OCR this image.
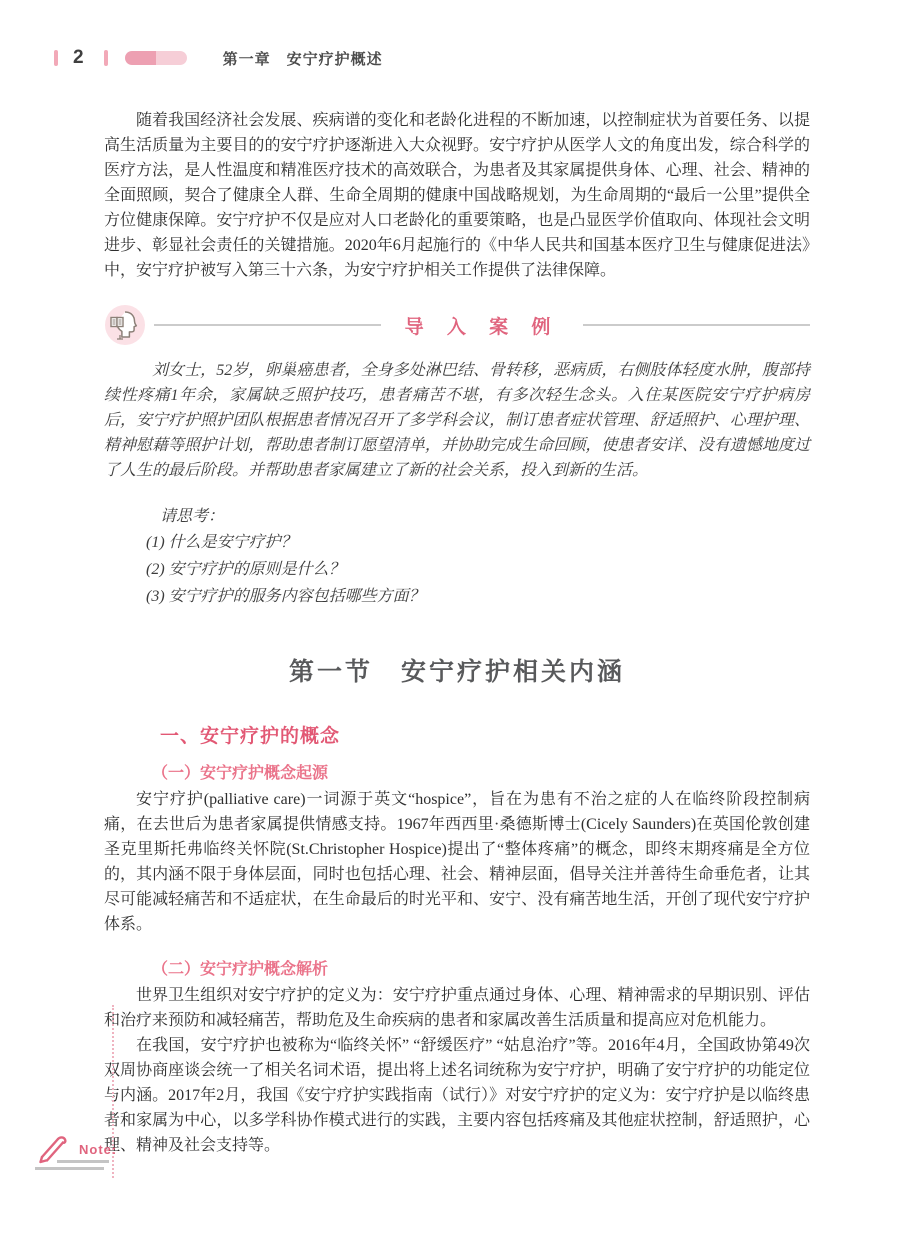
2	第一章　安宁疗护概述

随着我国经济社会发展、疾病谱的变化和老龄化进程的不断加速，以控制症状为首要任务、以提高生活质量为主要目的的安宁疗护逐渐进入大众视野。安宁疗护从医学人文的角度出发，综合科学的医疗方法，是人性温度和精准医疗技术的高效联合，为患者及其家属提供身体、心理、社会、精神的全面照顾，契合了健康全人群、生命全周期的健康中国战略规划，为生命周期的“最后一公里”提供全方位健康保障。安宁疗护不仅是应对人口老龄化的重要策略，也是凸显医学价值取向、体现社会文明进步、彰显社会责任的关键措施。2020年6月起施行的《中华人民共和国基本医疗卫生与健康促进法》中，安宁疗护被写入第三十六条，为安宁疗护相关工作提供了法律保障。

导 入 案 例

刘女士，52岁，卵巢癌患者，全身多处淋巴结、骨转移，恶病质，右侧肢体轻度水肿，腹部持续性疼痛1年余，家属缺乏照护技巧，患者痛苦不堪，有多次轻生念头。入住某医院安宁疗护病房后，安宁疗护照护团队根据患者情况召开了多学科会议，制订患者症状管理、舒适照护、心理护理、精神慰藉等照护计划，帮助患者制订愿望清单，并协助完成生命回顾，使患者安详、没有遗憾地度过了人生的最后阶段。并帮助患者家属建立了新的社会关系，投入到新的生活。

请思考：

(1) 什么是安宁疗护？

(2) 安宁疗护的原则是什么？

(3) 安宁疗护的服务内容包括哪些方面？

第一节　安宁疗护相关内涵
一、安宁疗护的概念
（一）安宁疗护概念起源

安宁疗护(palliative care)一词源于英文“hospice”，旨在为患有不治之症的人在临终阶段控制病痛，在去世后为患者家属提供情感支持。1967年西西里·桑德斯博士(Cicely Saunders)在英国伦敦创建圣克里斯托弗临终关怀院(St.Christopher Hospice)提出了“整体疼痛”的概念，即终末期疼痛是全方位的，其内涵不限于身体层面，同时也包括心理、社会、精神层面，倡导关注并善待生命垂危者，让其尽可能减轻痛苦和不适症状，在生命最后的时光平和、安宁、没有痛苦地生活，开创了现代安宁疗护体系。

（二）安宁疗护概念解析

世界卫生组织对安宁疗护的定义为：安宁疗护重点通过身体、心理、精神需求的早期识别、评估和治疗来预防和减轻痛苦，帮助危及生命疾病的患者和家属改善生活质量和提高应对危机能力。

在我国，安宁疗护也被称为“临终关怀” “舒缓医疗” “姑息治疗”等。2016年4月，全国政协第49次双周协商座谈会统一了相关名词术语，提出将上述名词统称为安宁疗护，明确了安宁疗护的功能定位与内涵。2017年2月，我国《安宁疗护实践指南（试行）》对安宁疗护的定义为：安宁疗护是以临终患者和家属为中心，以多学科协作模式进行的实践，主要内容包括疼痛及其他症状控制，舒适照护，心理、精神及社会支持等。

Note:
